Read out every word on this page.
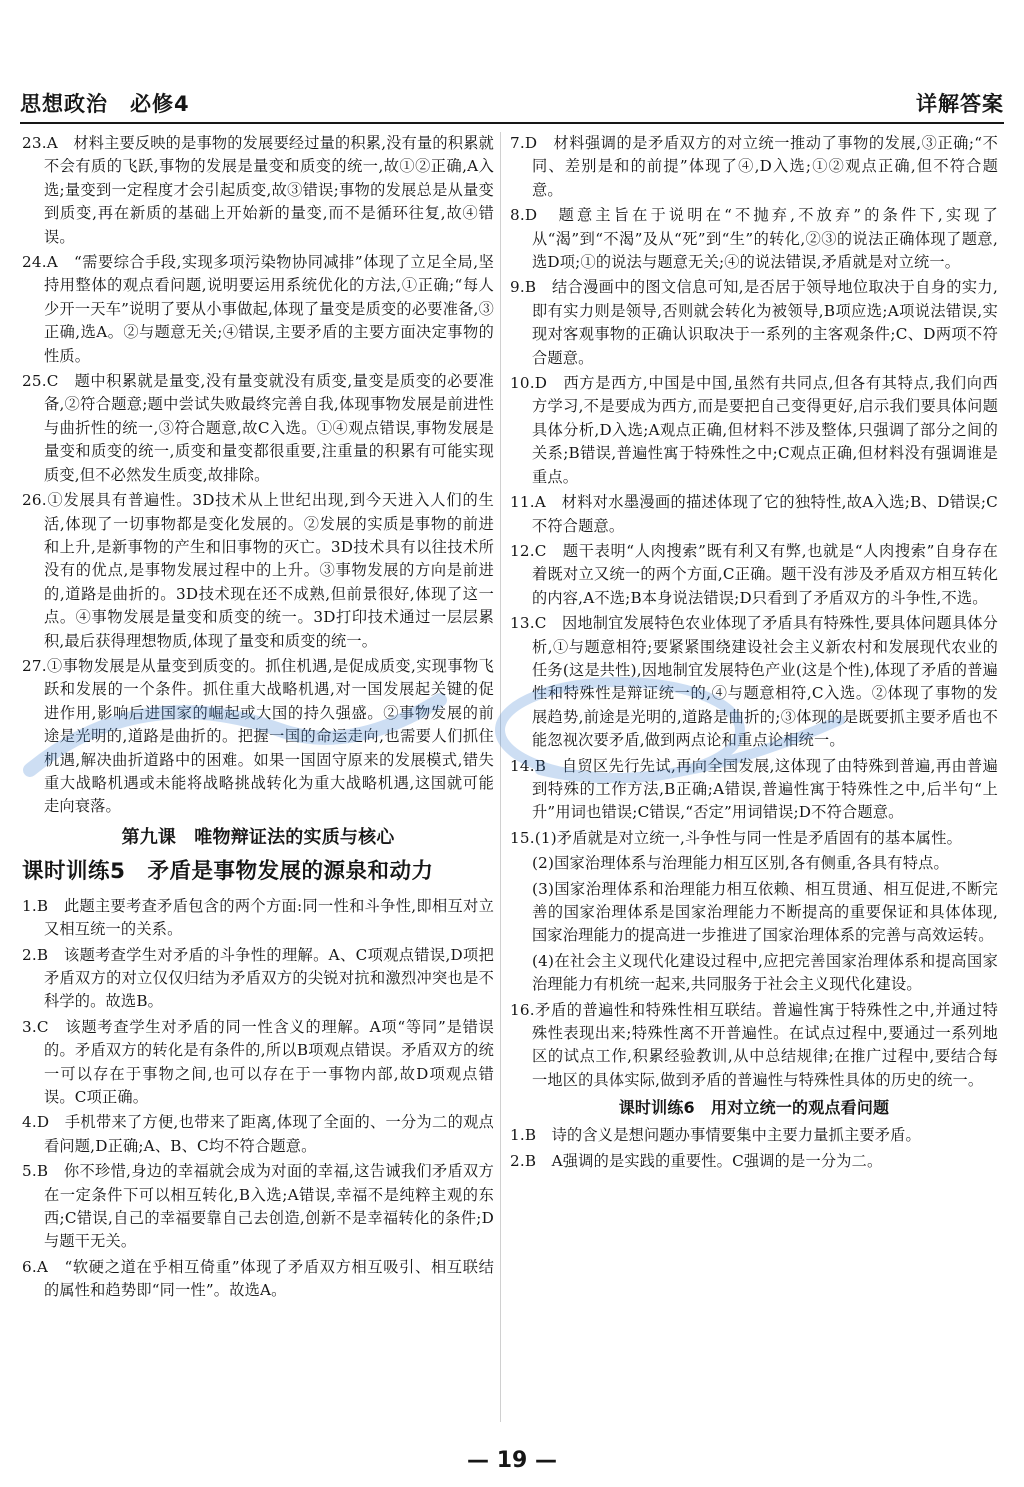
思想政治　必修4	详解答案

23.A　材料主要反映的是事物的发展要经过量的积累,没有量的积累就不会有质的飞跃,事物的发展是量变和质变的统一,故①②正确,A入选;量变到一定程度才会引起质变,故③错误;事物的发展总是从量变到质变,再在新质的基础上开始新的量变,而不是循环往复,故④错误。

24.A　“需要综合手段,实现多项污染物协同减排”体现了立足全局,坚持用整体的观点看问题,说明要运用系统优化的方法,①正确;“每人少开一天车”说明了要从小事做起,体现了量变是质变的必要准备,③正确,选A。②与题意无关;④错误,主要矛盾的主要方面决定事物的性质。

25.C　题中积累就是量变,没有量变就没有质变,量变是质变的必要准备,②符合题意;题中尝试失败最终完善自我,体现事物发展是前进性与曲折性的统一,③符合题意,故C入选。①④观点错误,事物发展是量变和质变的统一,质变和量变都很重要,注重量的积累有可能实现质变,但不必然发生质变,故排除。

26.①发展具有普遍性。3D技术从上世纪出现,到今天进入人们的生活,体现了一切事物都是变化发展的。②发展的实质是事物的前进和上升,是新事物的产生和旧事物的灭亡。3D技术具有以往技术所没有的优点,是事物发展过程中的上升。③事物发展的方向是前进的,道路是曲折的。3D技术现在还不成熟,但前景很好,体现了这一点。④事物发展是量变和质变的统一。3D打印技术通过一层层累积,最后获得理想物质,体现了量变和质变的统一。

27.①事物发展是从量变到质变的。抓住机遇,是促成质变,实现事物飞跃和发展的一个条件。抓住重大战略机遇,对一国发展起关键的促进作用,影响后进国家的崛起或大国的持久强盛。②事物发展的前途是光明的,道路是曲折的。把握一国的命运走向,也需要人们抓住机遇,解决曲折道路中的困难。如果一国固守原来的发展模式,错失重大战略机遇或未能将战略挑战转化为重大战略机遇,这国就可能走向衰落。

第九课　唯物辩证法的实质与核心
课时训练5　矛盾是事物发展的源泉和动力

1.B　此题主要考查矛盾包含的两个方面:同一性和斗争性,即相互对立又相互统一的关系。

2.B　该题考查学生对矛盾的斗争性的理解。A、C项观点错误,D项把矛盾双方的对立仅仅归结为矛盾双方的尖锐对抗和激烈冲突也是不科学的。故选B。

3.C　该题考查学生对矛盾的同一性含义的理解。A项“等同”是错误的。矛盾双方的转化是有条件的,所以B项观点错误。矛盾双方的统一可以存在于事物之间,也可以存在于一事物内部,故D项观点错误。C项正确。

4.D　手机带来了方便,也带来了距离,体现了全面的、一分为二的观点看问题,D正确;A、B、C均不符合题意。

5.B　你不珍惜,身边的幸福就会成为对面的幸福,这告诫我们矛盾双方在一定条件下可以相互转化,B入选;A错误,幸福不是纯粹主观的东西;C错误,自己的幸福要靠自己去创造,创新不是幸福转化的条件;D与题干无关。

6.A　“软硬之道在乎相互倚重”体现了矛盾双方相互吸引、相互联结的属性和趋势即“同一性”。故选A。

7.D　材料强调的是矛盾双方的对立统一推动了事物的发展,③正确;“不同、差别是和的前提”体现了④,D入选;①②观点正确,但不符合题意。

8.D　题意主旨在于说明在“不抛弃,不放弃”的条件下,实现了从“渴”到“不渴”及从“死”到“生”的转化,②③的说法正确体现了题意,选D项;①的说法与题意无关;④的说法错误,矛盾就是对立统一。

9.B　结合漫画中的图文信息可知,是否居于领导地位取决于自身的实力,即有实力则是领导,否则就会转化为被领导,B项应选;A项说法错误,实现对客观事物的正确认识取决于一系列的主客观条件;C、D两项不符合题意。

10.D　西方是西方,中国是中国,虽然有共同点,但各有其特点,我们向西方学习,不是要成为西方,而是要把自己变得更好,启示我们要具体问题具体分析,D入选;A观点正确,但材料不涉及整体,只强调了部分之间的关系;B错误,普遍性寓于特殊性之中;C观点正确,但材料没有强调谁是重点。

11.A　材料对水墨漫画的描述体现了它的独特性,故A入选;B、D错误;C不符合题意。

12.C　题干表明“人肉搜索”既有利又有弊,也就是“人肉搜索”自身存在着既对立又统一的两个方面,C正确。题干没有涉及矛盾双方相互转化的内容,A不选;B本身说法错误;D只看到了矛盾双方的斗争性,不选。

13.C　因地制宜发展特色农业体现了矛盾具有特殊性,要具体问题具体分析,①与题意相符;要紧紧围绕建设社会主义新农村和发展现代农业的任务(这是共性),因地制宜发展特色产业(这是个性),体现了矛盾的普遍性和特殊性是辩证统一的,④与题意相符,C入选。②体现了事物的发展趋势,前途是光明的,道路是曲折的;③体现的是既要抓主要矛盾也不能忽视次要矛盾,做到两点论和重点论相统一。

14.B　自贸区先行先试,再向全国发展,这体现了由特殊到普遍,再由普遍到特殊的工作方法,B正确;A错误,普遍性寓于特殊性之中,后半句“上升”用词也错误;C错误,“否定”用词错误;D不符合题意。

15.(1)矛盾就是对立统一,斗争性与同一性是矛盾固有的基本属性。

(2)国家治理体系与治理能力相互区别,各有侧重,各具有特点。

(3)国家治理体系和治理能力相互依赖、相互贯通、相互促进,不断完善的国家治理体系是国家治理能力不断提高的重要保证和具体体现,国家治理能力的提高进一步推进了国家治理体系的完善与高效运转。

(4)在社会主义现代化建设过程中,应把完善国家治理体系和提高国家治理能力有机统一起来,共同服务于社会主义现代化建设。

16.矛盾的普遍性和特殊性相互联结。普遍性寓于特殊性之中,并通过特殊性表现出来;特殊性离不开普遍性。在试点过程中,要通过一系列地区的试点工作,积累经验教训,从中总结规律;在推广过程中,要结合每一地区的具体实际,做到矛盾的普遍性与特殊性具体的历史的统一。

课时训练6　用对立统一的观点看问题

1.B　诗的含义是想问题办事情要集中主要力量抓主要矛盾。

2.B　A强调的是实践的重要性。C强调的是一分为二。

— 19 —
